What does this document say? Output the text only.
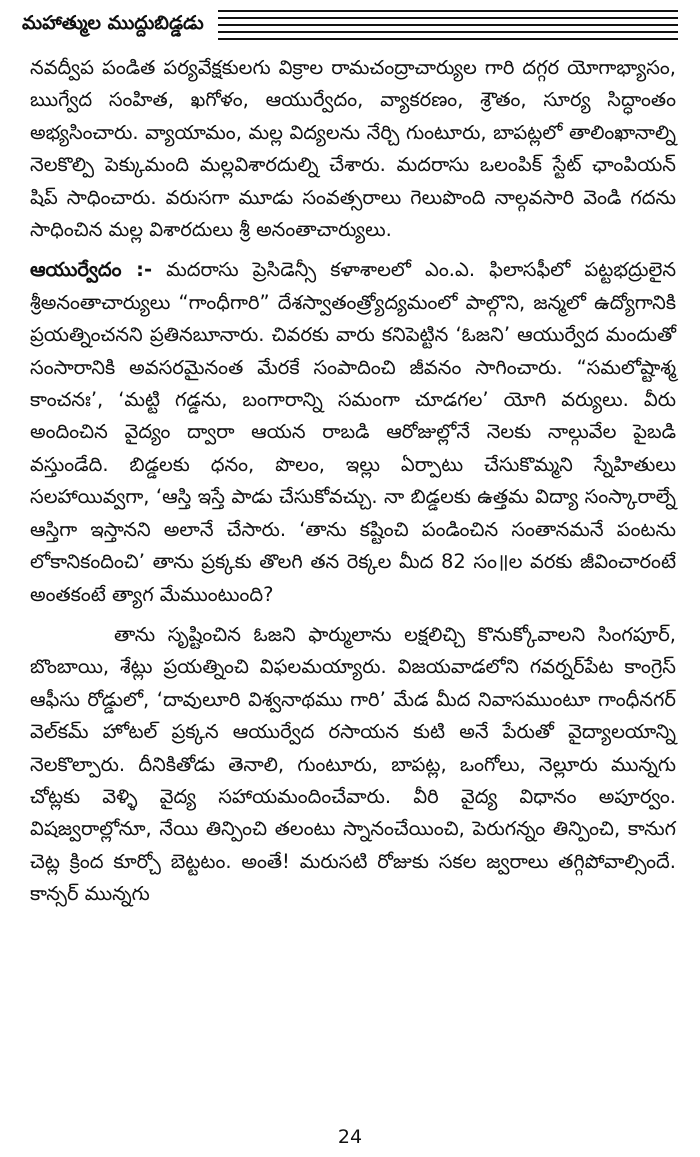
మహాత్ముల ముద్దుబిడ్డడు

నవద్వీప పండిత పర్యవేక్షకులగు విక్రాల రామచంద్రాచార్యుల గారి దగ్గర యోగాభ్యాసం, ఋగ్వేద సంహిత, ఖగోళం, ఆయుర్వేదం, వ్యాకరణం, శ్రౌతం, సూర్య సిద్ధాంతం అభ్యసించారు. వ్యాయామం, మల్ల విద్యలను నేర్చి గుంటూరు, బాపట్లలో తాలింఖానాల్ని నెలకొల్పి పెక్కుమంది మల్లవిశారదుల్ని చేశారు. మదరాసు ఒలంపిక్ స్టేట్ ఛాంపియన్ షిప్ సాధించారు. వరుసగా మూడు సంవత్సరాలు గెలుపొంది నాల్గవసారి వెండి గదను సాధించిన మల్ల విశారదులు శ్రీ అనంతాచార్యులు.

ఆయుర్వేదం :- మదరాసు ప్రెసిడెన్సీ కళాశాలలో ఎం.ఎ. ఫిలాసఫీలో పట్టభద్రులైన శ్రీఅనంతాచార్యులు “గాంధీగారి” దేశస్వాతంత్ర్యోద్యమంలో పాల్గొని, జన్మలో ఉద్యోగానికి ప్రయత్నించనని ప్రతినబూనారు. చివరకు వారు కనిపెట్టిన ‘ఓజని’ ఆయుర్వేద మందుతో సంసారానికి అవసరమైనంత మేరకే సంపాదించి జీవనం సాగించారు. “సమలోష్టాశ్మ కాంచనః’, ‘మట్టి గడ్డను, బంగారాన్ని సమంగా చూడగల’ యోగి వర్యులు. వీరు అందించిన వైద్యం ద్వారా ఆయన రాబడి ఆరోజుల్లోనే నెలకు నాల్గువేల పైబడి వస్తుండేది. బిడ్డలకు ధనం, పొలం, ఇల్లు ఏర్పాటు చేసుకొమ్మని స్నేహితులు సలహాయివ్వగా, ‘ఆస్తి ఇస్తే పాడు చేసుకోవచ్చు. నా బిడ్డలకు ఉత్తమ విద్యా సంస్కారాల్నే ఆస్తిగా ఇస్తానని అలానే చేసారు. ‘తాను కష్టించి పండించిన సంతానమనే పంటను లోకానికందించి’ తాను ప్రక్కకు తొలగి తన రెక్కల మీద 82 సం॥ల వరకు జీవించారంటే అంతకంటే త్యాగ మేముంటుంది?

తాను సృష్టించిన ఓజని ఫార్ములాను లక్షలిచ్చి కొనుక్కోవాలని సింగపూర్, బొంబాయి, శేట్లు ప్రయత్నించి విఫలమయ్యారు. విజయవాడలోని గవర్నర్‌పేట కాంగ్రెస్ ఆఫీసు రోడ్డులో, ‘దావులూరి విశ్వనాథము గారి’ మేడ మీద నివాసముంటూ గాంధీనగర్ వెల్‌కమ్ హోటల్ ప్రక్కన ఆయుర్వేద రసాయన కుటి అనే పేరుతో వైద్యాలయాన్ని నెలకొల్పారు. దీనికితోడు తెనాలి, గుంటూరు, బాపట్ల, ఒంగోలు, నెల్లూరు మున్నగు చోట్లకు వెళ్ళి వైద్య సహాయమందించేవారు. వీరి వైద్య విధానం అపూర్వం. విషజ్వరాల్లోనూ, నేయి తిన్పించి తలంటు స్నానంచేయించి, పెరుగన్నం తిన్పించి, కానుగ చెట్ల క్రింద కూర్చో బెట్టటం. అంతే! మరుసటి రోజుకు సకల జ్వరాలు తగ్గిపోవాల్సిందే. కాన్సర్ మున్నగు

24
